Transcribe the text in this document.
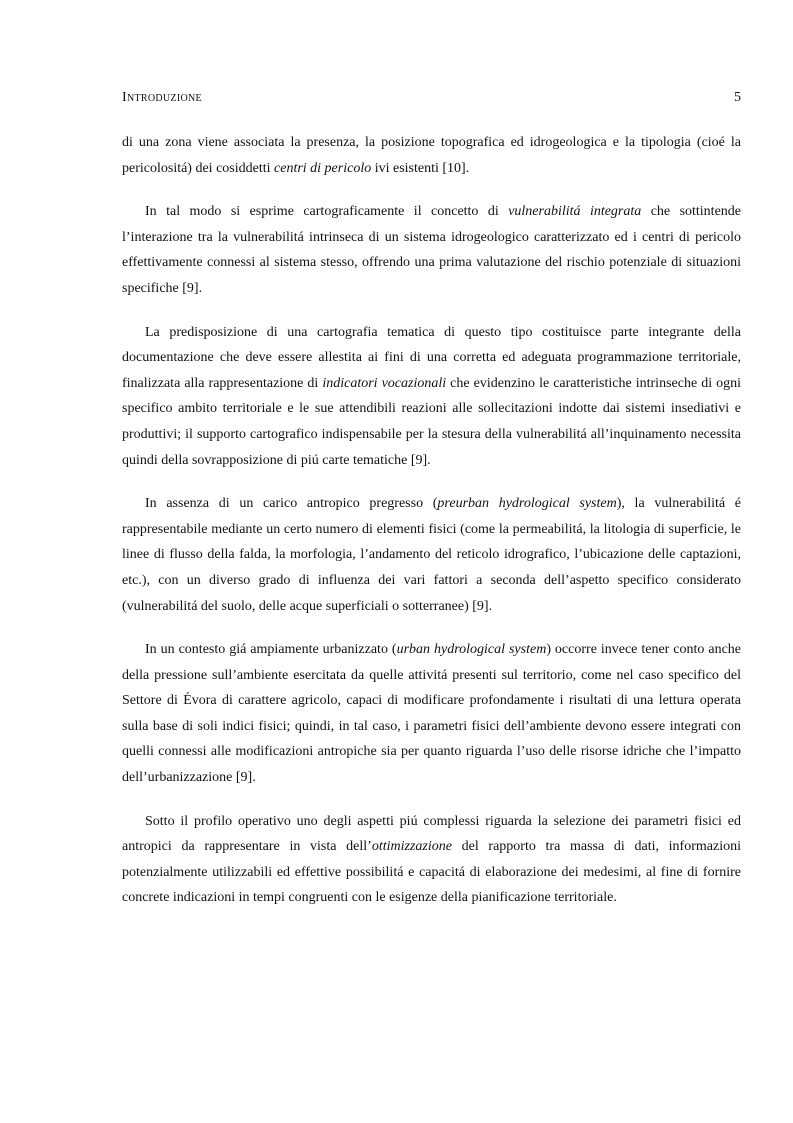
Introduzione	5

di una zona viene associata la presenza, la posizione topografica ed idrogeologica e la tipologia (cioé la pericolositá) dei cosiddetti centri di pericolo ivi esistenti [10].

In tal modo si esprime cartograficamente il concetto di vulnerabilitá integrata che sottintende l’interazione tra la vulnerabilitá intrinseca di un sistema idrogeologico caratterizzato ed i centri di pericolo effettivamente connessi al sistema stesso, offrendo una prima valutazione del rischio potenziale di situazioni specifiche [9].

La predisposizione di una cartografia tematica di questo tipo costituisce parte integrante della documentazione che deve essere allestita ai fini di una corretta ed adeguata programmazione territoriale, finalizzata alla rappresentazione di indicatori vocazionali che evidenzino le caratteristiche intrinseche di ogni specifico ambito territoriale e le sue attendibili reazioni alle sollecitazioni indotte dai sistemi insediativi e produttivi; il supporto cartografico indispensabile per la stesura della vulnerabilitá all’inquinamento necessita quindi della sovrapposizione di piú carte tematiche [9].

In assenza di un carico antropico pregresso (preurban hydrological system), la vulnerabilitá é rappresentabile mediante un certo numero di elementi fisici (come la permeabilitá, la litologia di superficie, le linee di flusso della falda, la morfologia, l’andamento del reticolo idrografico, l’ubicazione delle captazioni, etc.), con un diverso grado di influenza dei vari fattori a seconda dell’aspetto specifico considerato (vulnerabilitá del suolo, delle acque superficiali o sotterranee) [9].

In un contesto giá ampiamente urbanizzato (urban hydrological system) occorre invece tener conto anche della pressione sull’ambiente esercitata da quelle attivitá presenti sul territorio, come nel caso specifico del Settore di Évora di carattere agricolo, capaci di modificare profondamente i risultati di una lettura operata sulla base di soli indici fisici; quindi, in tal caso, i parametri fisici dell’ambiente devono essere integrati con quelli connessi alle modificazioni antropiche sia per quanto riguarda l’uso delle risorse idriche che l’impatto dell’urbanizzazione [9].

Sotto il profilo operativo uno degli aspetti piú complessi riguarda la selezione dei parametri fisici ed antropici da rappresentare in vista dell’ottimizzazione del rapporto tra massa di dati, informazioni potenzialmente utilizzabili ed effettive possibilitá e capacitá di elaborazione dei medesimi, al fine di fornire concrete indicazioni in tempi congruenti con le esigenze della pianificazione territoriale.
